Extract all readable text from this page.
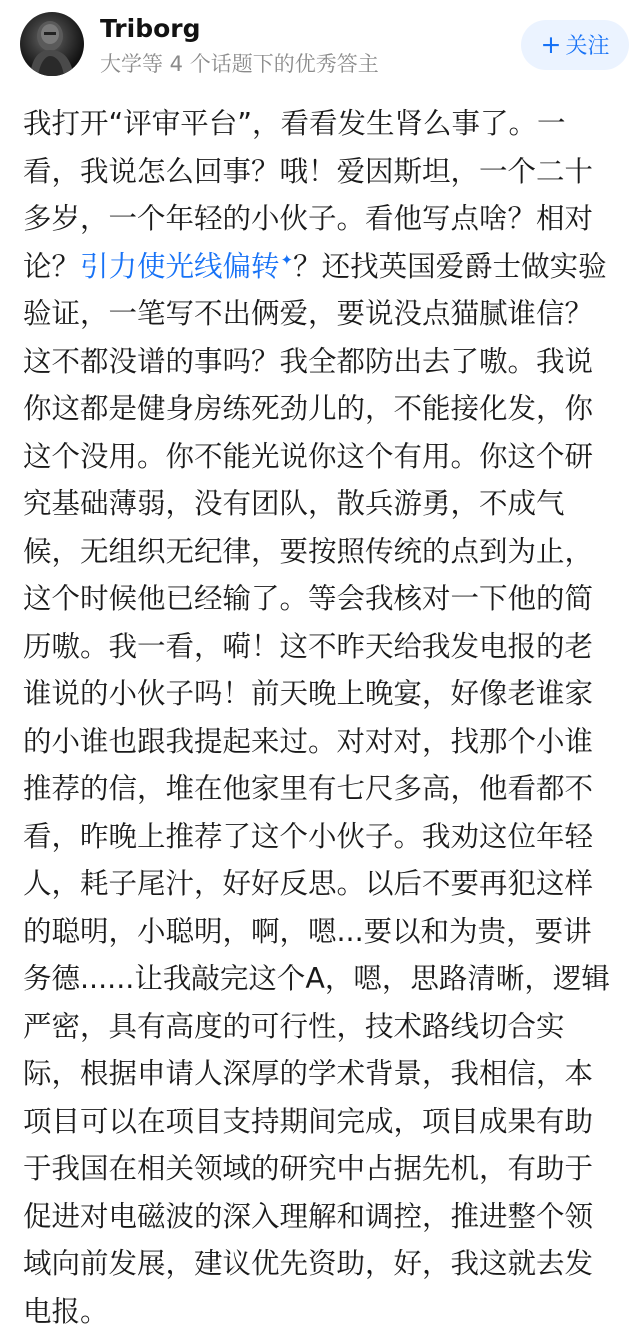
Triborg
大学等 4 个话题下的优秀答主
+ 关注
我打开“评审平台”，看看发生肾么事了。一
看，我说怎么回事？哦！爱因斯坦，一个二十
多岁，一个年轻的小伙子。看他写点啥？相对
论？引力使光线偏转✦？还找英国爱爵士做实验
验证，一笔写不出俩爱，要说没点猫腻谁信？
这不都没谱的事吗？我全都防出去了嗷。我说
你这都是健身房练死劲儿的，不能接化发，你
这个没用。你不能光说你这个有用。你这个研
究基础薄弱，没有团队，散兵游勇，不成气
候，无组织无纪律，要按照传统的点到为止，
这个时候他已经输了。等会我核对一下他的简
历嗷。我一看，嗬！这不昨天给我发电报的老
谁说的小伙子吗！前天晚上晚宴，好像老谁家
的小谁也跟我提起来过。对对对，找那个小谁
推荐的信，堆在他家里有七尺多高，他看都不
看，昨晚上推荐了这个小伙子。我劝这位年轻
人，耗子尾汁，好好反思。以后不要再犯这样
的聪明，小聪明，啊，嗯...要以和为贵，要讲
务德......让我敲完这个A，嗯，思路清晰，逻辑
严密，具有高度的可行性，技术路线切合实
际，根据申请人深厚的学术背景，我相信，本
项目可以在项目支持期间完成，项目成果有助
于我国在相关领域的研究中占据先机，有助于
促进对电磁波的深入理解和调控，推进整个领
域向前发展，建议优先资助，好，我这就去发
电报。
